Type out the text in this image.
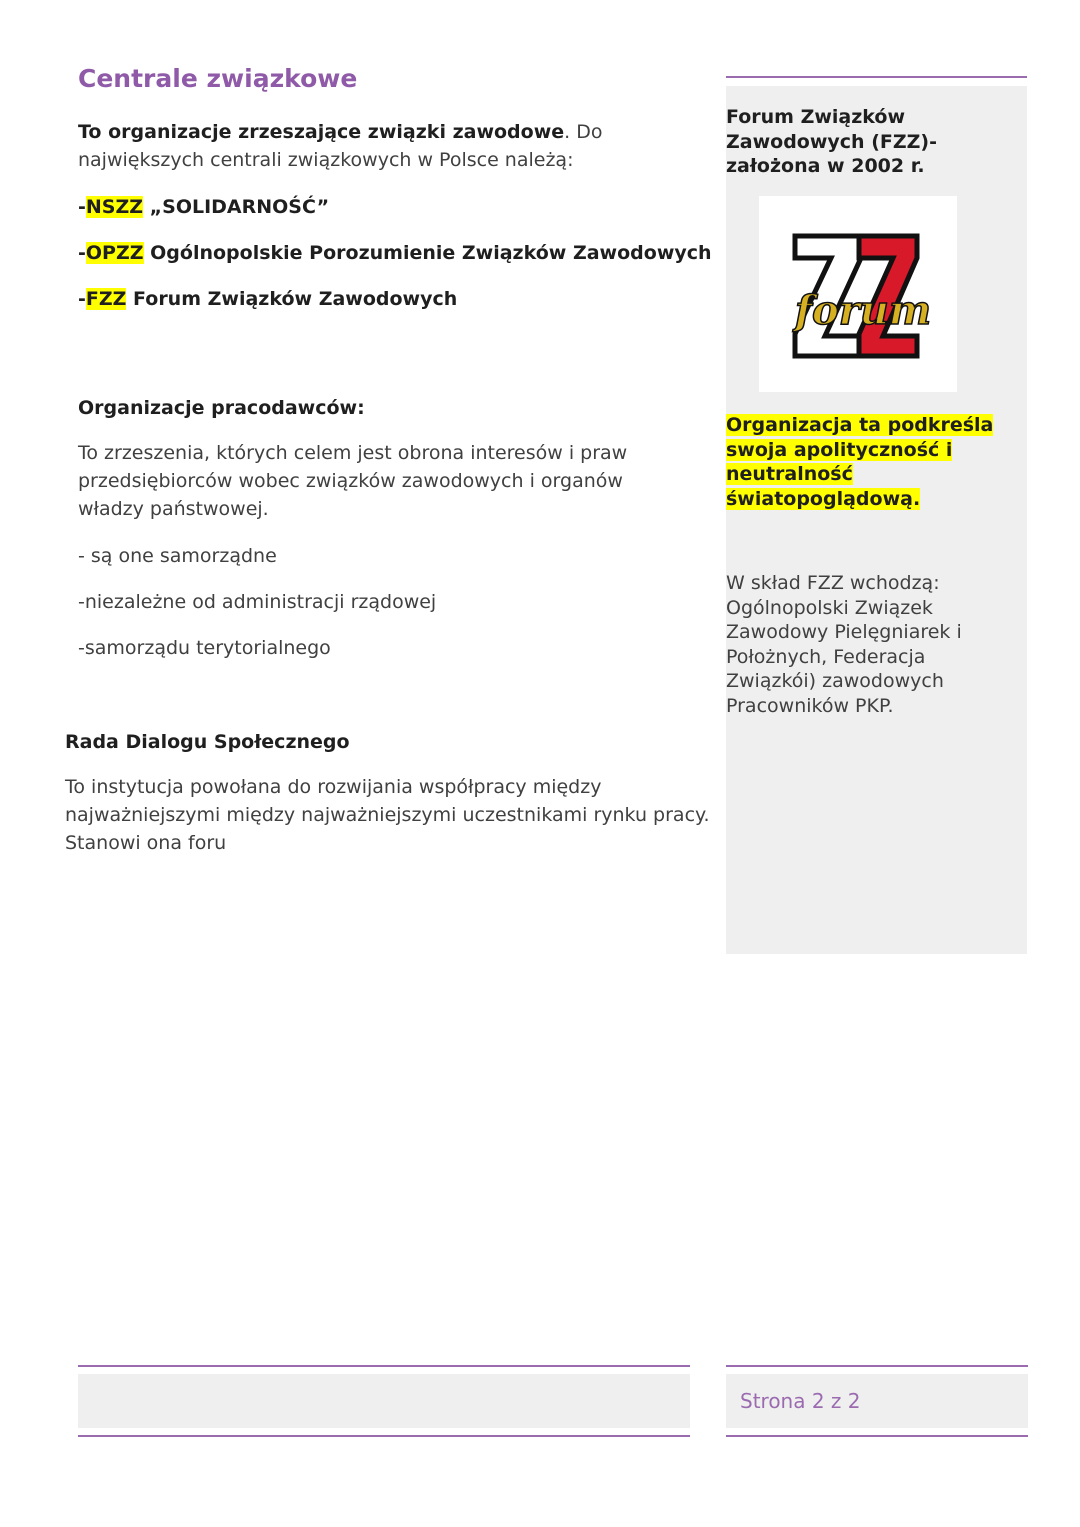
Centrale związkowe
To organizacje zrzeszające związki zawodowe. Do największych centrali związkowych w Polsce należą:
-NSZZ „SOLIDARNOŚĆ”
-OPZZ Ogólnopolskie Porozumienie Związków Zawodowych
-FZZ Forum Związków Zawodowych
Organizacje pracodawców:
To zrzeszenia, których celem jest obrona interesów i praw przedsiębiorców wobec związków zawodowych i organów władzy państwowej.
- są one samorządne
-niezależne od administracji rządowej
-samorządu terytorialnego
Rada Dialogu Społecznego
To instytucja powołana do rozwijania współpracy między najważniejszymi między najważniejszymi uczestnikami rynku pracy. Stanowi ona foru
Forum Związków Zawodowych (FZZ)- założona w 2002 r.
forum
Organizacja ta podkreśla swoja apolityczność i neutralność światopoglądową.
W skład FZZ wchodzą: Ogólnopolski Związek Zawodowy Pielęgniarek i Położnych, Federacja Związkói) zawodowych Pracowników PKP.
Strona 2 z 2
